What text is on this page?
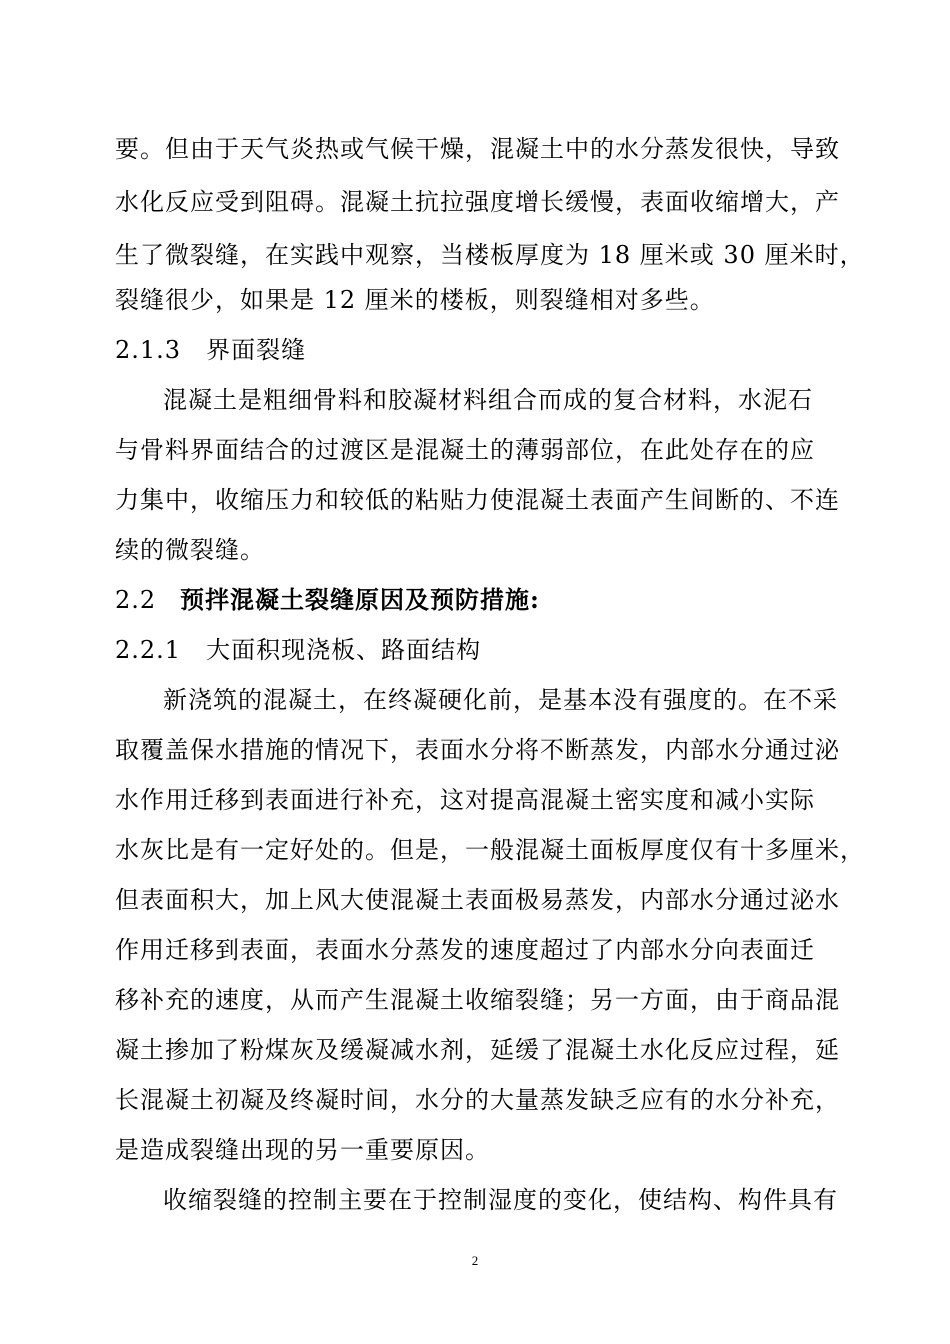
要。但由于天气炎热或气候干燥，混凝土中的水分蒸发很快，导致
水化反应受到阻碍。混凝土抗拉强度增长缓慢，表面收缩增大，产
生了微裂缝，在实践中观察，当楼板厚度为 18 厘米或 30 厘米时，
裂缝很少，如果是 12 厘米的楼板，则裂缝相对多些。
2.1.3　界面裂缝
混凝土是粗细骨料和胶凝材料组合而成的复合材料，水泥石
与骨料界面结合的过渡区是混凝土的薄弱部位，在此处存在的应
力集中，收缩压力和较低的粘贴力使混凝土表面产生间断的、不连
续的微裂缝。
2.2 预拌混凝土裂缝原因及预防措施:
2.2.1　大面积现浇板、路面结构
新浇筑的混凝土，在终凝硬化前，是基本没有强度的。在不采
取覆盖保水措施的情况下，表面水分将不断蒸发，内部水分通过泌
水作用迁移到表面进行补充，这对提高混凝土密实度和减小实际
水灰比是有一定好处的。但是，一般混凝土面板厚度仅有十多厘米，
但表面积大，加上风大使混凝土表面极易蒸发，内部水分通过泌水
作用迁移到表面，表面水分蒸发的速度超过了内部水分向表面迁
移补充的速度，从而产生混凝土收缩裂缝；另一方面，由于商品混
凝土掺加了粉煤灰及缓凝减水剂，延缓了混凝土水化反应过程，延
长混凝土初凝及终凝时间，水分的大量蒸发缺乏应有的水分补充，
是造成裂缝出现的另一重要原因。
收缩裂缝的控制主要在于控制湿度的变化，使结构、构件具有
2
